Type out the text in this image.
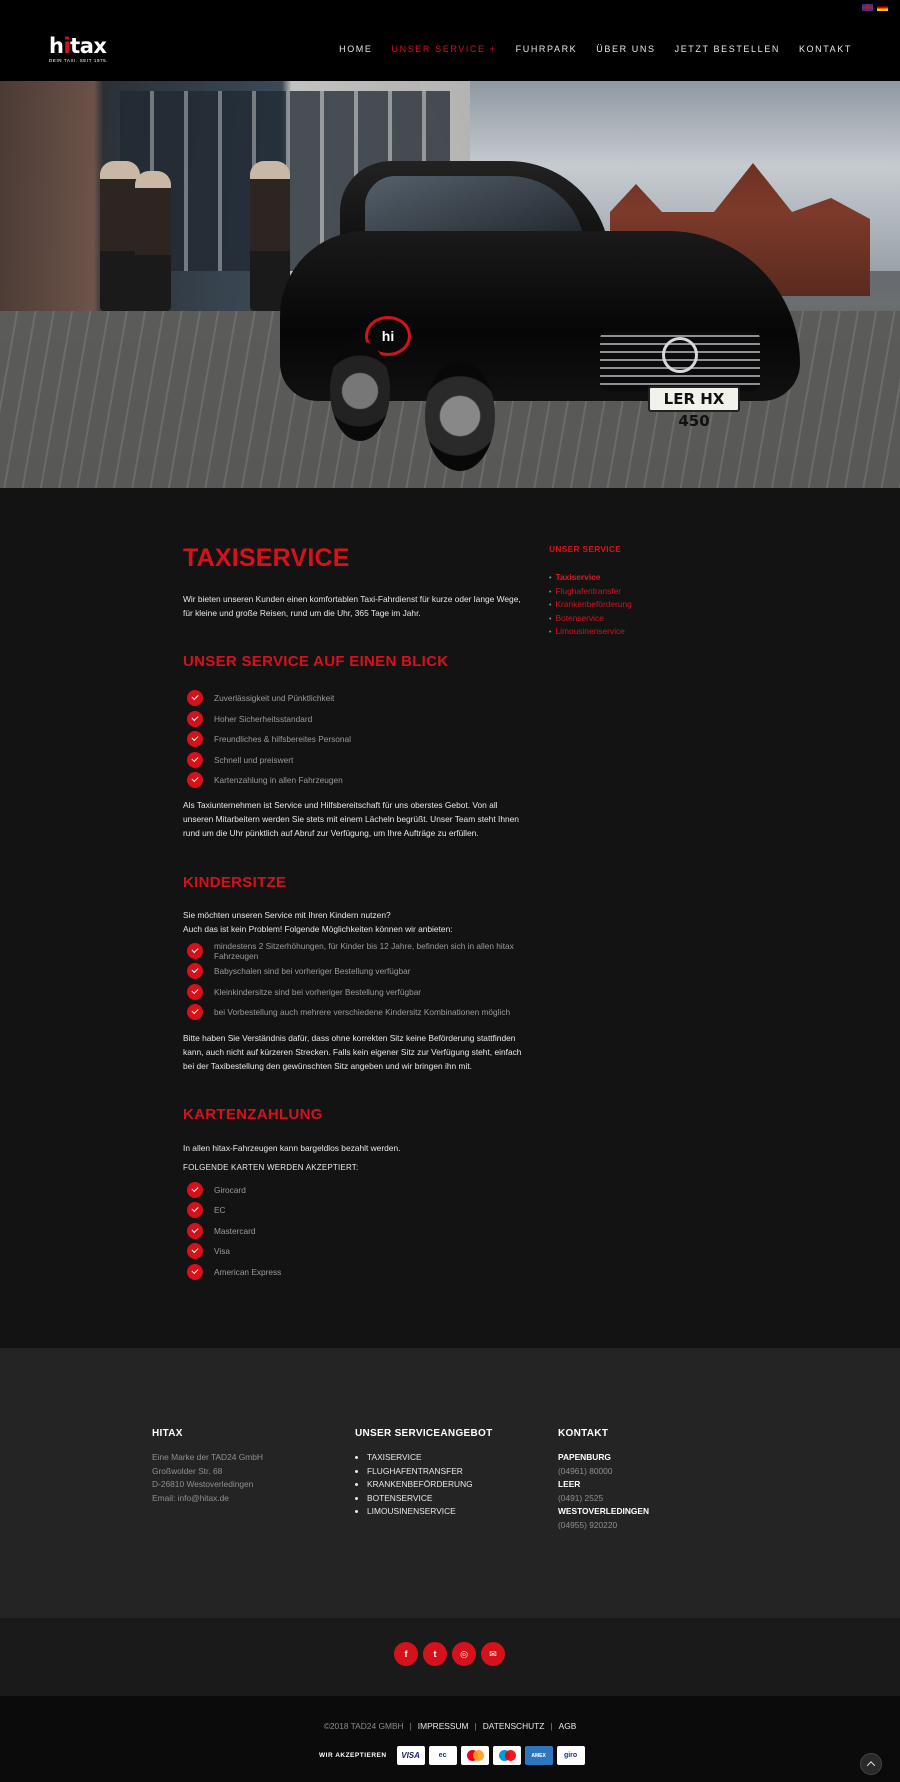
hitax
DEIN TAXI. SEIT 1975.
HOME UNSER SERVICE + FUHRPARK ÜBER UNS JETZT BESTELLEN KONTAKT
LER HX 450
hi
TAXISERVICE
Wir bieten unseren Kunden einen komfortablen Taxi-Fahrdienst für kurze oder lange Wege, für kleine und große Reisen, rund um die Uhr, 365 Tage im Jahr.
UNSER SERVICE AUF EINEN BLICK
Zuverlässigkeit und Pünktlichkeit
Hoher Sicherheitsstandard
Freundliches & hilfsbereites Personal
Schnell und preiswert
Kartenzahlung in allen Fahrzeugen
Als Taxiunternehmen ist Service und Hilfsbereitschaft für uns oberstes Gebot. Von all unseren Mitarbeitern werden Sie stets mit einem Lächeln begrüßt. Unser Team steht Ihnen rund um die Uhr pünktlich auf Abruf zur Verfügung, um Ihre Aufträge zu erfüllen.
KINDERSITZE
Sie möchten unseren Service mit Ihren Kindern nutzen?
Auch das ist kein Problem! Folgende Möglichkeiten können wir anbieten:
mindestens 2 Sitzerhöhungen, für Kinder bis 12 Jahre, befinden sich in allen hitax Fahrzeugen
Babyschalen sind bei vorheriger Bestellung verfügbar
Kleinkindersitze sind bei vorheriger Bestellung verfügbar
bei Vorbestellung auch mehrere verschiedene Kindersitz Kombinationen möglich
Bitte haben Sie Verständnis dafür, dass ohne korrekten Sitz keine Beförderung stattfinden kann, auch nicht auf kürzeren Strecken. Falls kein eigener Sitz zur Verfügung steht, einfach bei der Taxibestellung den gewünschten Sitz angeben und wir bringen ihn mit.
KARTENZAHLUNG
In allen hitax-Fahrzeugen kann bargeldlos bezahlt werden.
FOLGENDE KARTEN WERDEN AKZEPTIERT:
Girocard
EC
Mastercard
Visa
American Express
UNSER SERVICE
• Taxiservice
• Flughafentransfer
• Krankenbeförderung
• Botenservice
• Limousinenservice
HITAX
Eine Marke der TAD24 GmbH
Großwolder Str. 68
D-26810 Westoverledingen
Email: info@hitax.de
UNSER SERVICEANGEBOT
• TAXISERVICE
• FLUGHAFENTRANSFER
• KRANKENBEFÖRDERUNG
• BOTENSERVICE
• LIMOUSINENSERVICE
KONTAKT
PAPENBURG
(04961) 80000
LEER
(0491) 2525
WESTOVERLEDINGEN
(04955) 920220
f	t	◎	✉
©2018 TAD24 GMBH | IMPRESSUM | DATENSCHUTZ | AGB
WIR AKZEPTIEREN	VISA	ec	AMEX	giro
